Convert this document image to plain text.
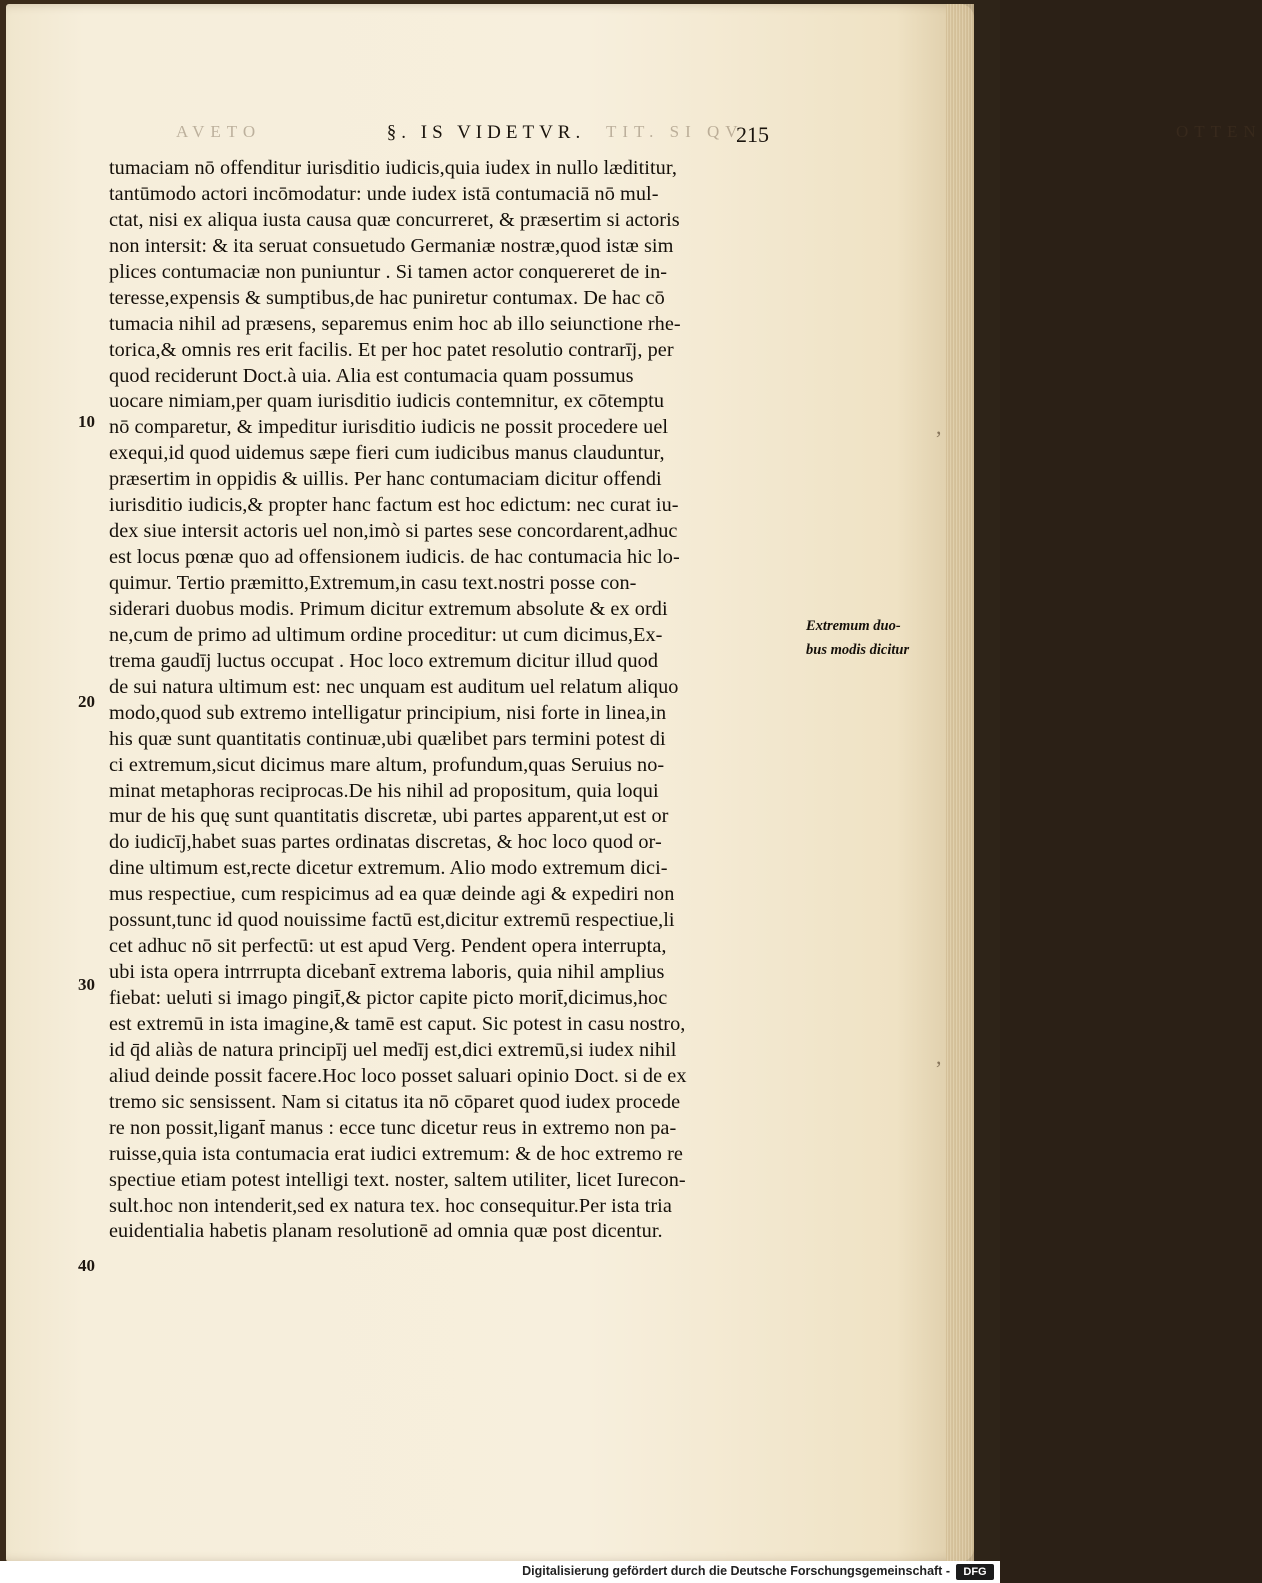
AVETO	§. IS VIDETVR.	TIT. SI QV	OTTEN
215
tumaciam nō offenditur iurisditio iudicis,quia iudex in nullo lædititur,
tantūmodo actori incōmodatur: unde iudex istā contumaciā nō mul-
ctat, nisi ex aliqua iusta causa quæ concurreret, & præsertim si actoris
non intersit: & ita seruat consuetudo Germaniæ nostræ,quod istæ sim
plices contumaciæ non puniuntur . Si tamen actor conquereret de in-
teresse,expensis & sumptibus,de hac puniretur contumax. De hac cō
tumacia nihil ad præsens, separemus enim hoc ab illo seiunctione rhe-
torica,& omnis res erit facilis. Et per hoc patet resolutio contrarīj, per
quod reciderunt Doct.à uia. Alia est contumacia quam possumus
uocare nimiam,per quam iurisditio iudicis contemnitur, ex cōtemptu
nō comparetur, & impeditur iurisditio iudicis ne possit procedere uel
exequi,id quod uidemus sæpe fieri cum iudicibus manus clauduntur,
præsertim in oppidis & uillis. Per hanc contumaciam dicitur offendi
iurisditio iudicis,& propter hanc factum est hoc edictum: nec curat iu-
dex siue intersit actoris uel non,imò si partes sese concordarent,adhuc
est locus pœnæ quo ad offensionem iudicis. de hac contumacia hic lo-
quimur. Tertio præmitto,Extremum,in casu text.nostri posse con-
siderari duobus modis. Primum dicitur extremum absolute & ex ordi
ne,cum de primo ad ultimum ordine proceditur: ut cum dicimus,Ex-
trema gaudīj luctus occupat . Hoc loco extremum dicitur illud quod
de sui natura ultimum est: nec unquam est auditum uel relatum aliquo
modo,quod sub extremo intelligatur principium, nisi forte in linea,in
his quæ sunt quantitatis continuæ,ubi quælibet pars termini potest di
ci extremum,sicut dicimus mare altum, profundum,quas Seruius no-
minat metaphoras reciprocas.De his nihil ad propositum, quia loqui
mur de his quę sunt quantitatis discretæ, ubi partes apparent,ut est or
do iudicīj,habet suas partes ordinatas discretas, & hoc loco quod or-
dine ultimum est,recte dicetur extremum. Alio modo extremum dici-
mus respectiue, cum respicimus ad ea quæ deinde agi & expediri non
possunt,tunc id quod nouissime factū est,dicitur extremū respectiue,li
cet adhuc nō sit perfectū: ut est apud Verg. Pendent opera interrupta,
ubi ista opera intrrrupta dicebant̄ extrema laboris, quia nihil amplius
fiebat: ueluti si imago pingit̄,& pictor capite picto morit̄,dicimus,hoc
est extremū in ista imagine,& tamē est caput. Sic potest in casu nostro,
id q̄d aliàs de natura principīj uel medīj est,dici extremū,si iudex nihil
aliud deinde possit facere.Hoc loco posset saluari opinio Doct. si de ex
tremo sic sensissent. Nam si citatus ita nō cōparet quod iudex procede
re non possit,ligant̄ manus : ecce tunc dicetur reus in extremo non pa-
ruisse,quia ista contumacia erat iudici extremum: & de hoc extremo re
spectiue etiam potest intelligi text. noster, saltem utiliter, licet Iurecon-
sult.hoc non intenderit,sed ex natura tex. hoc consequitur.Per ista tria
euidentialia habetis planam resolutionē ad omnia quæ post dicentur.
10
20
30
40
Extremum duo-
bus modis dicitur
,
,
Digitalisierung gefördert durch die Deutsche Forschungsgemeinschaft -	DFG
